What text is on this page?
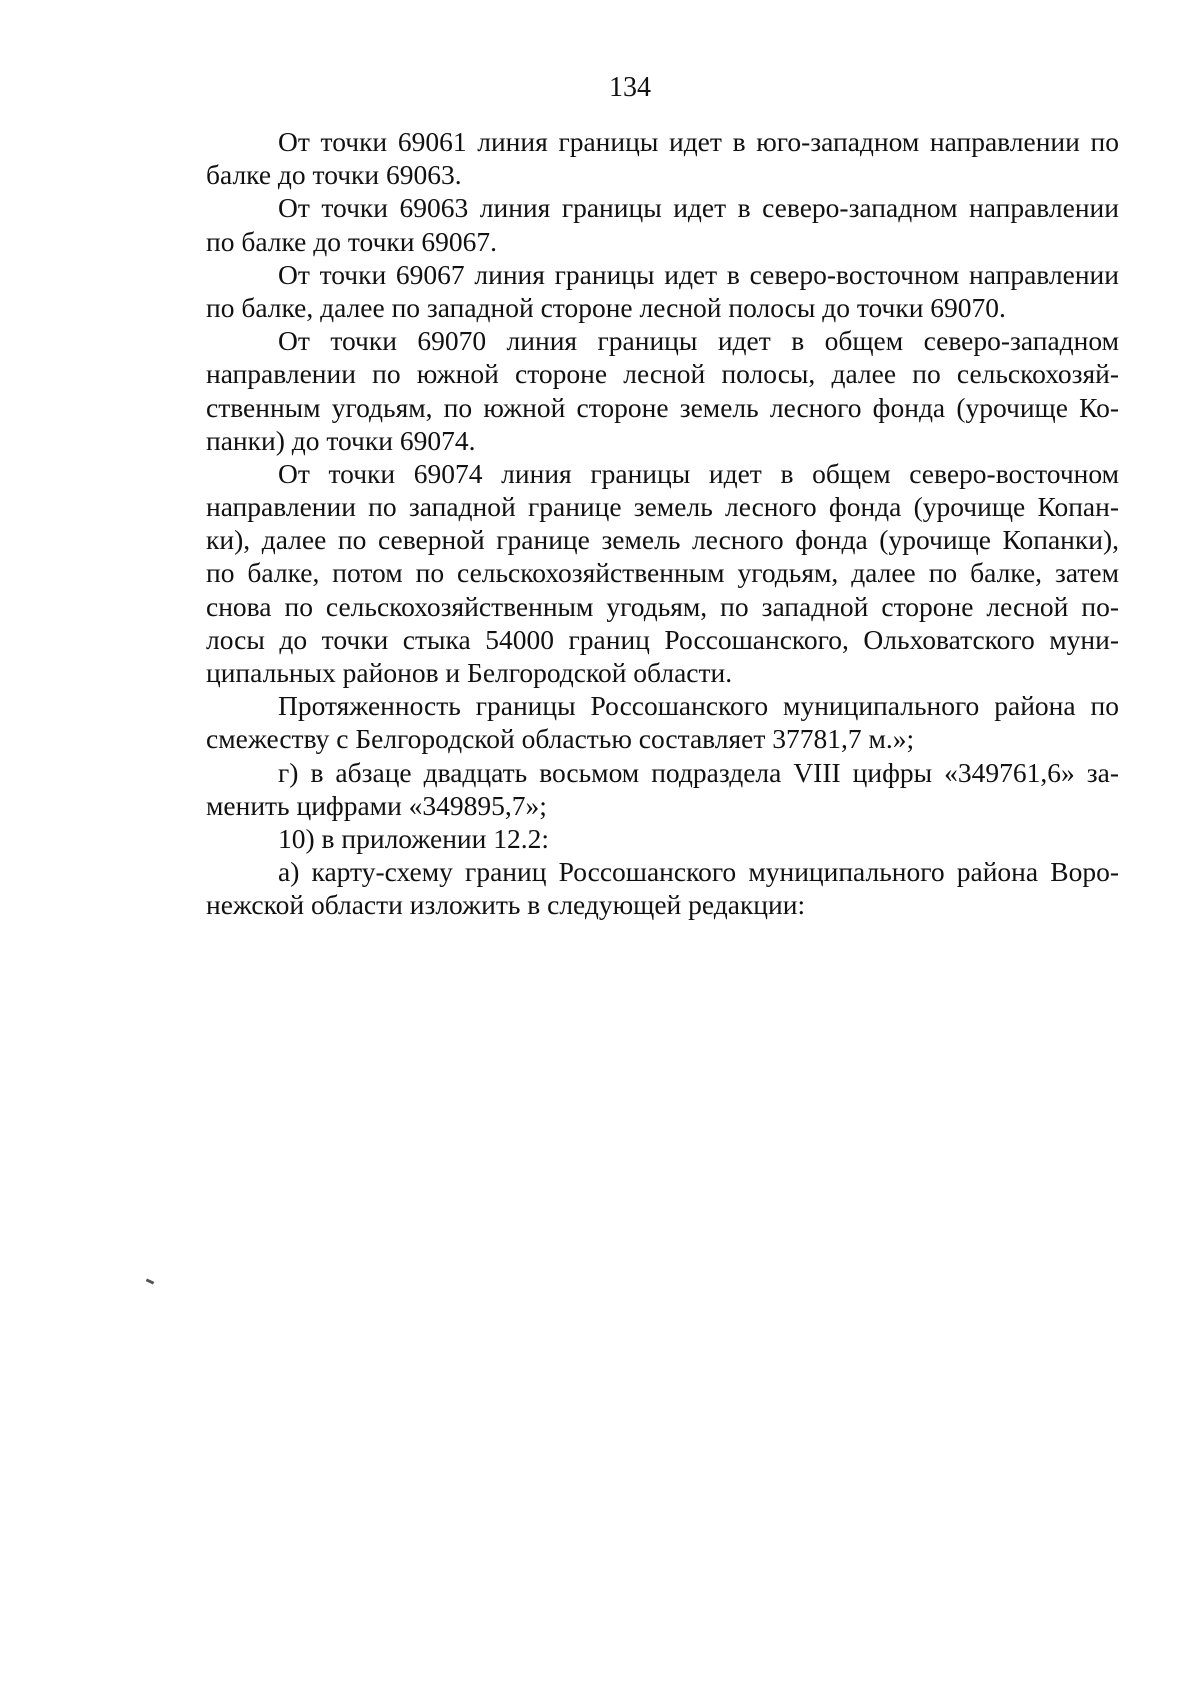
134

От точки 69061 линия границы идет в юго-западном направлении по
балке до точки 69063.

От точки 69063 линия границы идет в северо-западном направлении
по балке до точки 69067.

От точки 69067 линия границы идет в северо-восточном направлении
по балке, далее по западной стороне лесной полосы до точки 69070.

От точки 69070 линия границы идет в общем северо-западном
направлении по южной стороне лесной полосы, далее по сельскохозяй-
ственным угодьям, по южной стороне земель лесного фонда (урочище Ко-
панки) до точки 69074.

От точки 69074 линия границы идет в общем северо-восточном
направлении по западной границе земель лесного фонда (урочище Копан-
ки), далее по северной границе земель лесного фонда (урочище Копанки),
по балке, потом по сельскохозяйственным угодьям, далее по балке, затем
снова по сельскохозяйственным угодьям, по западной стороне лесной по-
лосы до точки стыка 54000 границ Россошанского, Ольховатского муни-
ципальных районов и Белгородской области.

Протяженность границы Россошанского муниципального района по
смежеству с Белгородской областью составляет 37781,7 м.»;

г) в абзаце двадцать восьмом подраздела VIII цифры «349761,6» за-
менить цифрами «349895,7»;

10) в приложении 12.2:

а) карту-схему границ Россошанского муниципального района Воро-
нежской области изложить в следующей редакции:
